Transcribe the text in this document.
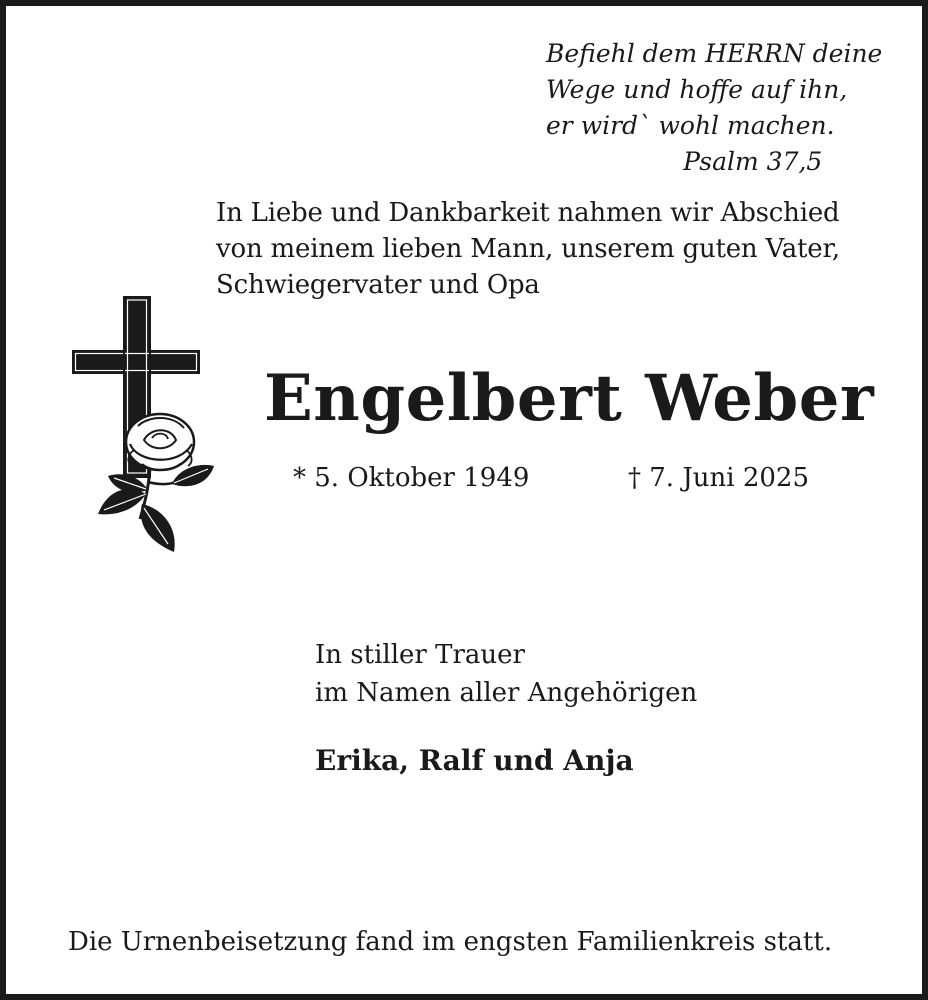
Befiehl dem HERRN deine
Wege und hoffe auf ihn,
er wird` wohl machen.
Psalm 37,5
In Liebe und Dankbarkeit nahmen wir Abschied
von meinem lieben Mann, unserem guten Vater,
Schwiegervater und Opa
Engelbert Weber
* 5. Oktober 1949	† 7. Juni 2025
In stiller Trauer
im Namen aller Angehörigen
Erika, Ralf und Anja
Die Urnenbeisetzung fand im engsten Familienkreis statt.
